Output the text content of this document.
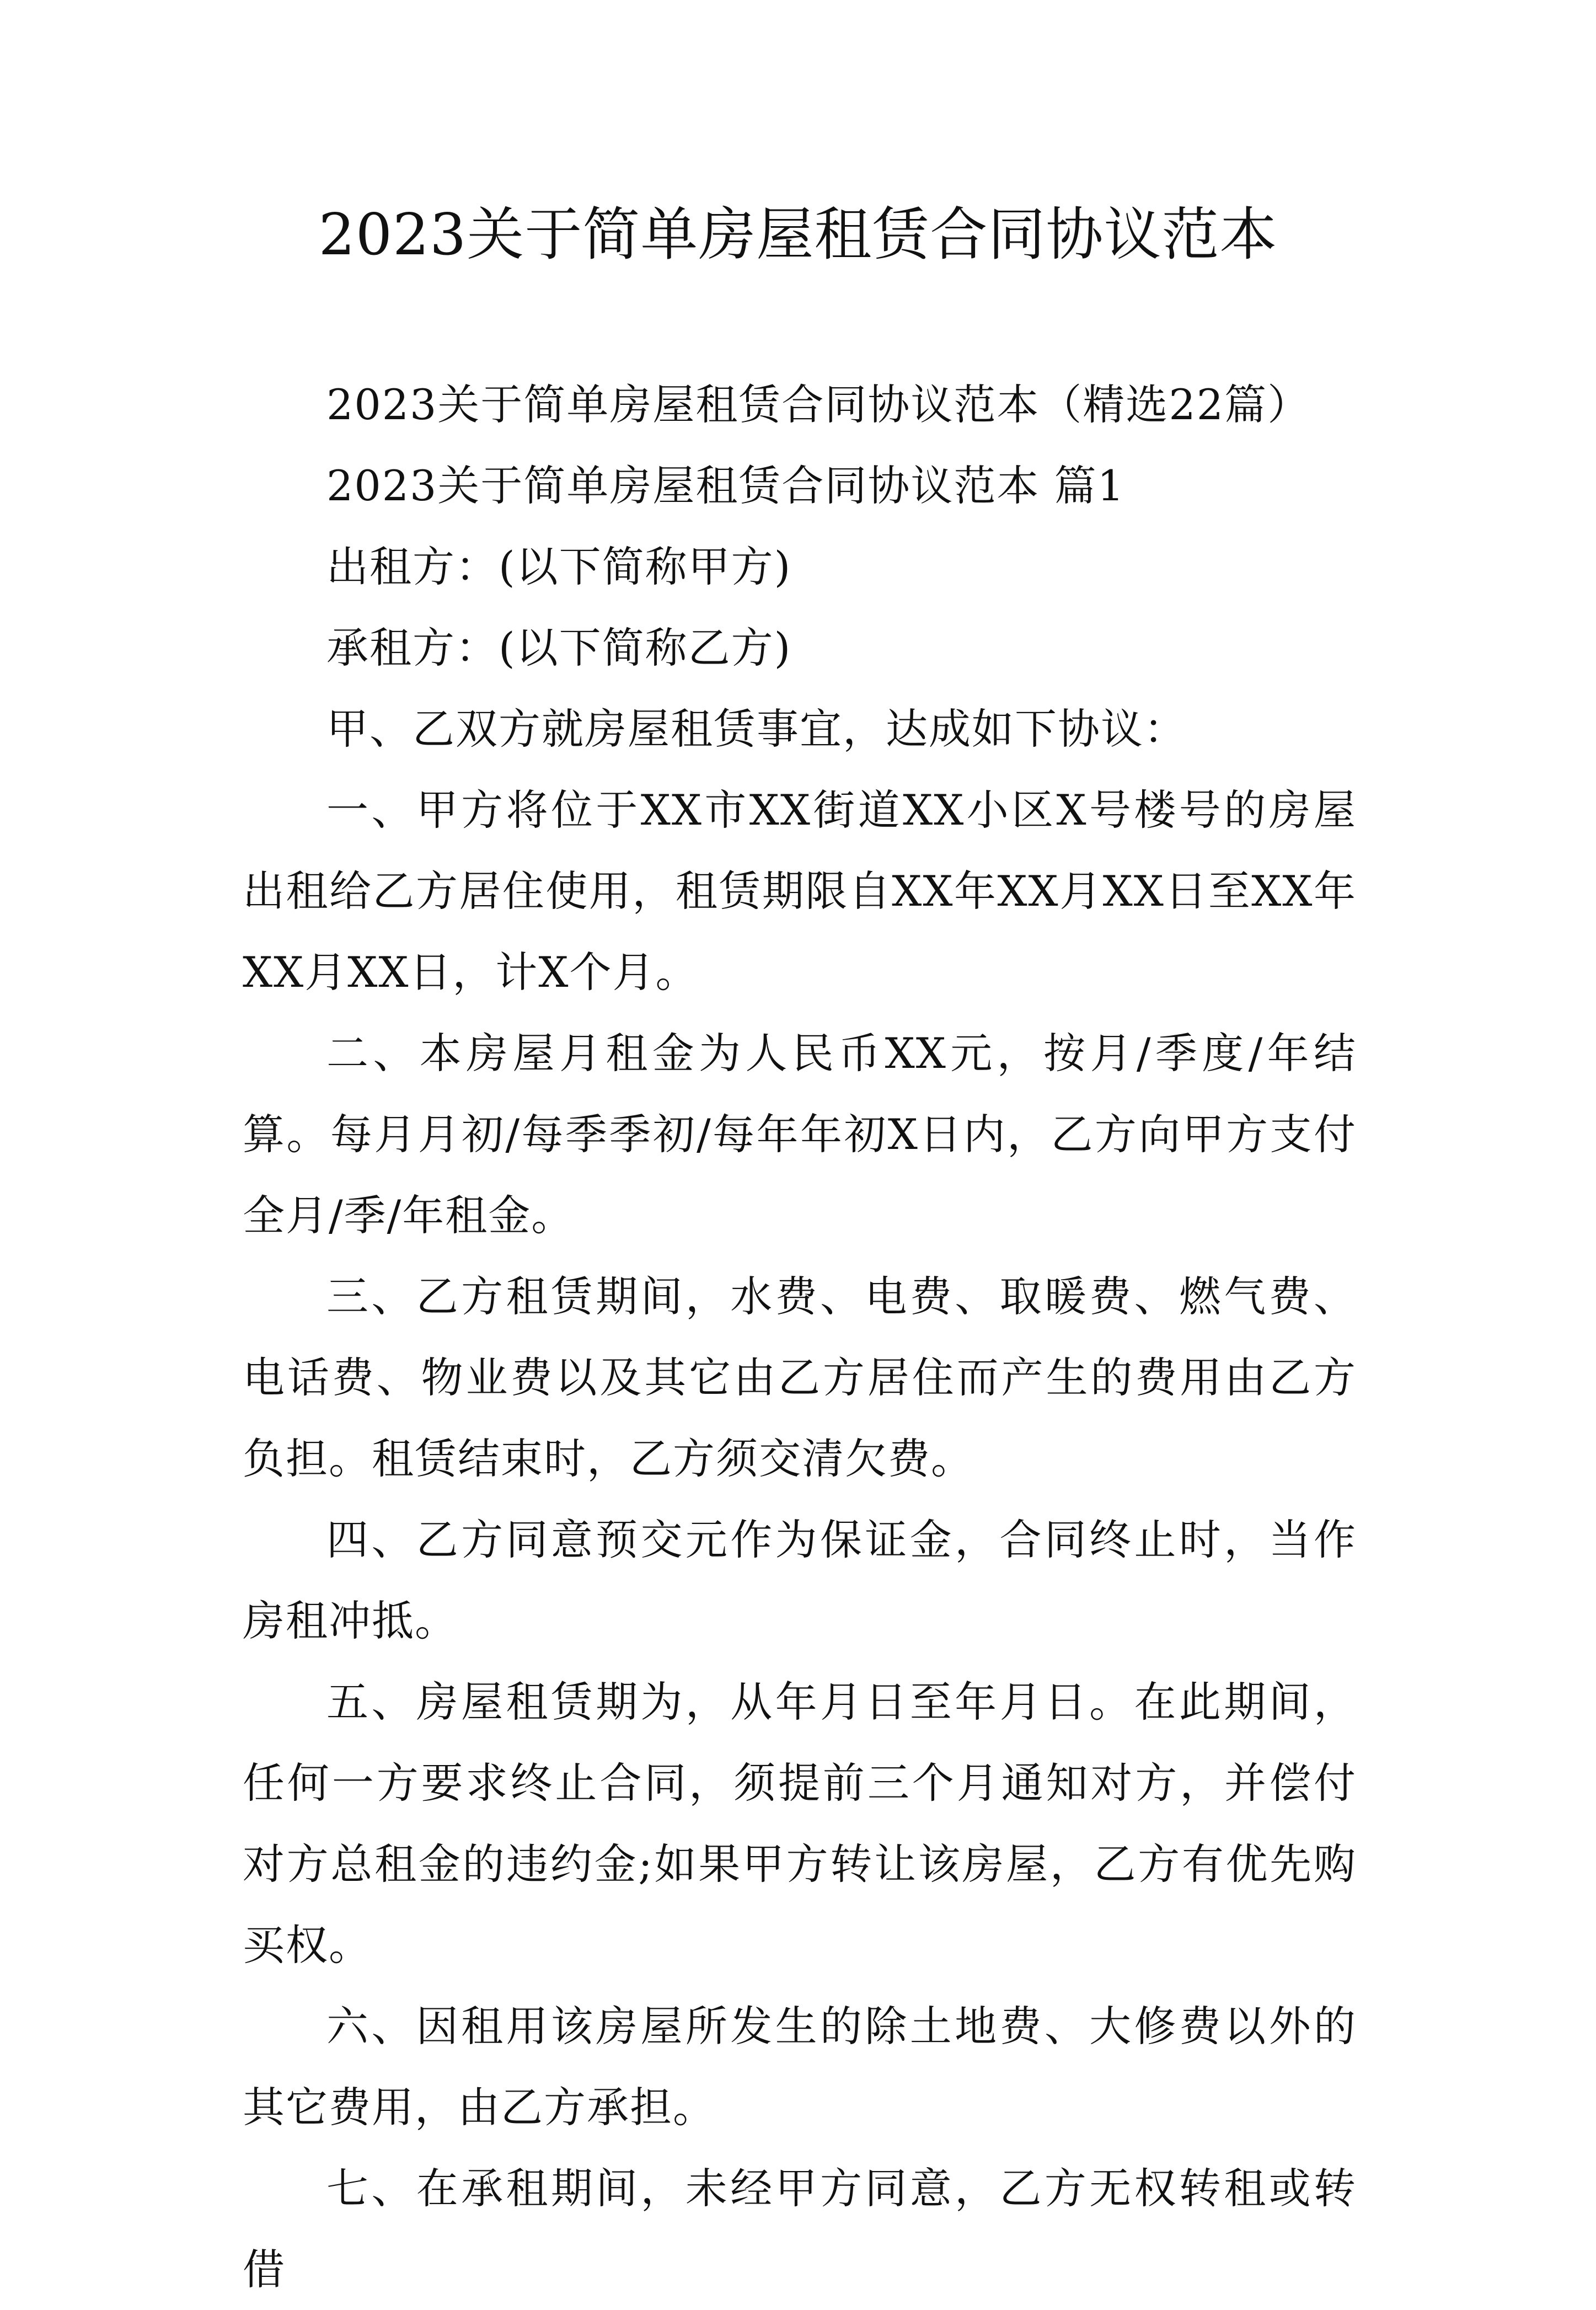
2023关于简单房屋租赁合同协议范本

2023关于简单房屋租赁合同协议范本（精选22篇）

2023关于简单房屋租赁合同协议范本 篇1

出租方：(以下简称甲方)

承租方：(以下简称乙方)

甲、乙双方就房屋租赁事宜，达成如下协议：

一、甲方将位于XX市XX街道XX小区X号楼号的房屋出租给乙方居住使用，租赁期限自XX年XX月XX日至XX年XX月XX日，计X个月。

二、本房屋月租金为人民币XX元，按月/季度/年结算。每月月初/每季季初/每年年初X日内，乙方向甲方支付全月/季/年租金。

三、乙方租赁期间，水费、电费、取暖费、燃气费、电话费、物业费以及其它由乙方居住而产生的费用由乙方负担。租赁结束时，乙方须交清欠费。

四、乙方同意预交元作为保证金，合同终止时，当作房租冲抵。

五、房屋租赁期为，从年月日至年月日。在此期间，任何一方要求终止合同，须提前三个月通知对方，并偿付对方总租金的违约金;如果甲方转让该房屋，乙方有优先购买权。

六、因租用该房屋所发生的除土地费、大修费以外的其它费用，由乙方承担。

七、在承租期间，未经甲方同意，乙方无权转租或转借
